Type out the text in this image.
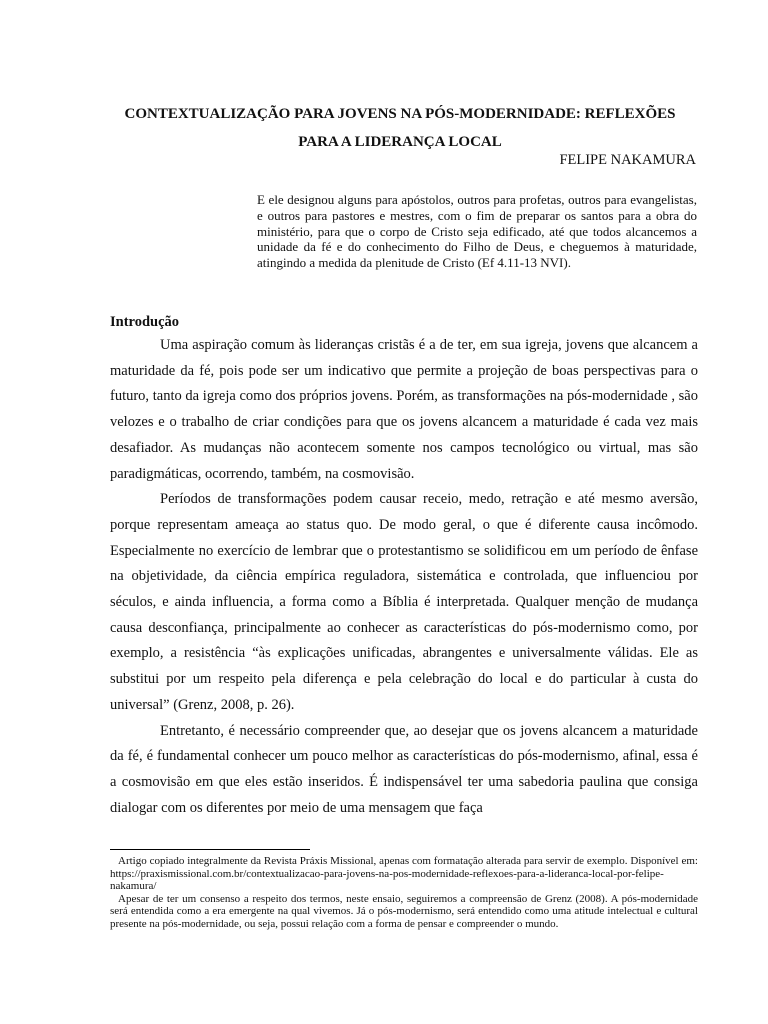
CONTEXTUALIZAÇÃO PARA JOVENS NA PÓS-MODERNIDADE: REFLEXÕES
PARA A LIDERANÇA LOCAL

FELIPE NAKAMURA

E ele designou alguns para apóstolos, outros para profetas, outros para evangelistas, e outros para pastores e mestres, com o fim de preparar os santos para a obra do ministério, para que o corpo de Cristo seja edificado, até que todos alcancemos a unidade da fé e do conhecimento do Filho de Deus, e cheguemos à maturidade, atingindo a medida da plenitude de Cristo (Ef 4.11-13 NVI).

Introdução

Uma aspiração comum às lideranças cristãs é a de ter, em sua igreja, jovens que alcancem a maturidade da fé, pois pode ser um indicativo que permite a projeção de boas perspectivas para o futuro, tanto da igreja como dos próprios jovens. Porém, as transformações na pós-modernidade , são velozes e o trabalho de criar condições para que os jovens alcancem a maturidade é cada vez mais desafiador. As mudanças não acontecem somente nos campos tecnológico ou virtual, mas são paradigmáticas, ocorrendo, também, na cosmovisão.

Períodos de transformações podem causar receio, medo, retração e até mesmo aversão, porque representam ameaça ao status quo. De modo geral, o que é diferente causa incômodo. Especialmente no exercício de lembrar que o protestantismo se solidificou em um período de ênfase na objetividade, da ciência empírica reguladora, sistemática e controlada, que influenciou por séculos, e ainda influencia, a forma como a Bíblia é interpretada. Qualquer menção de mudança causa desconfiança, principalmente ao conhecer as características do pós-modernismo como, por exemplo, a resistência “às explicações unificadas, abrangentes e universalmente válidas. Ele as substitui por um respeito pela diferença e pela celebração do local e do particular à custa do universal” (Grenz, 2008, p. 26).

Entretanto, é necessário compreender que, ao desejar que os jovens alcancem a maturidade da fé, é fundamental conhecer um pouco melhor as características do pós-modernismo, afinal, essa é a cosmovisão em que eles estão inseridos. É indispensável ter uma sabedoria paulina que consiga dialogar com os diferentes por meio de uma mensagem que faça

Artigo copiado integralmente da Revista Práxis Missional, apenas com formatação alterada para servir de exemplo. Disponível em: https://praxismissional.com.br/contextualizacao-para-jovens-na-pos-modernidade-reflexoes-para-a-lideranca-local-por-felipe-nakamura/

Apesar de ter um consenso a respeito dos termos, neste ensaio, seguiremos a compreensão de Grenz (2008). A pós-modernidade será entendida como a era emergente na qual vivemos. Já o pós-modernismo, será entendido como uma atitude intelectual e cultural presente na pós-modernidade, ou seja, possui relação com a forma de pensar e compreender o mundo.
